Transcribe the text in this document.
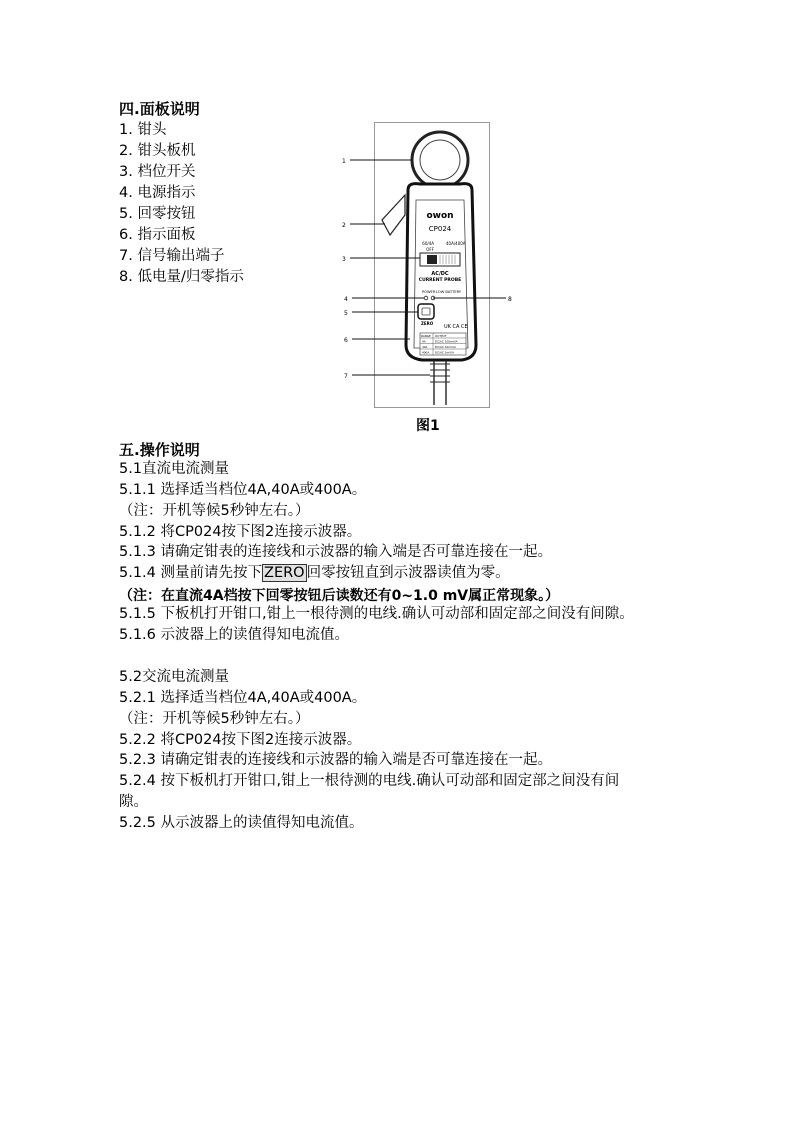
四.面板说明
1. 钳头
2. 钳头板机
3. 档位开关
4. 电源指示
5. 回零按钮
6. 指示面板
7. 信号输出端子
8. 低电量/归零指示
owon
CP024
60/4A	40A/400A
OFF
AC/DC
CURRENT PROBE
POWER LOW BATTERY
ZERO
UK CA CE
RANGE OUTPUT
4A	DC/AC 100mV/A
40A	DC/AC 10mV/A
400A DC/AC 1mV/A
1
2
3
4
5
6
7
8
图1
五.操作说明
5.1直流电流测量
5.1.1 选择适当档位4A,40A或400A。
（注：开机等候5秒钟左右。）
5.1.2 将CP024按下图2连接示波器。
5.1.3 请确定钳表的连接线和示波器的输入端是否可靠连接在一起。
5.1.4 测量前请先按下 ZERO 回零按钮直到示波器读值为零。
（注：在直流4A档按下回零按钮后读数还有0~1.0 mV属正常现象。）
5.1.5 下板机打开钳口,钳上一根待测的电线.确认可动部和固定部之间没有间隙。
5.1.6 示波器上的读值得知电流值。
5.2交流电流测量
5.2.1 选择适当档位4A,40A或400A。
（注：开机等候5秒钟左右。）
5.2.2 将CP024按下图2连接示波器。
5.2.3 请确定钳表的连接线和示波器的输入端是否可靠连接在一起。
5.2.4 按下板机打开钳口,钳上一根待测的电线.确认可动部和固定部之间没有间
隙。
5.2.5 从示波器上的读值得知电流值。
